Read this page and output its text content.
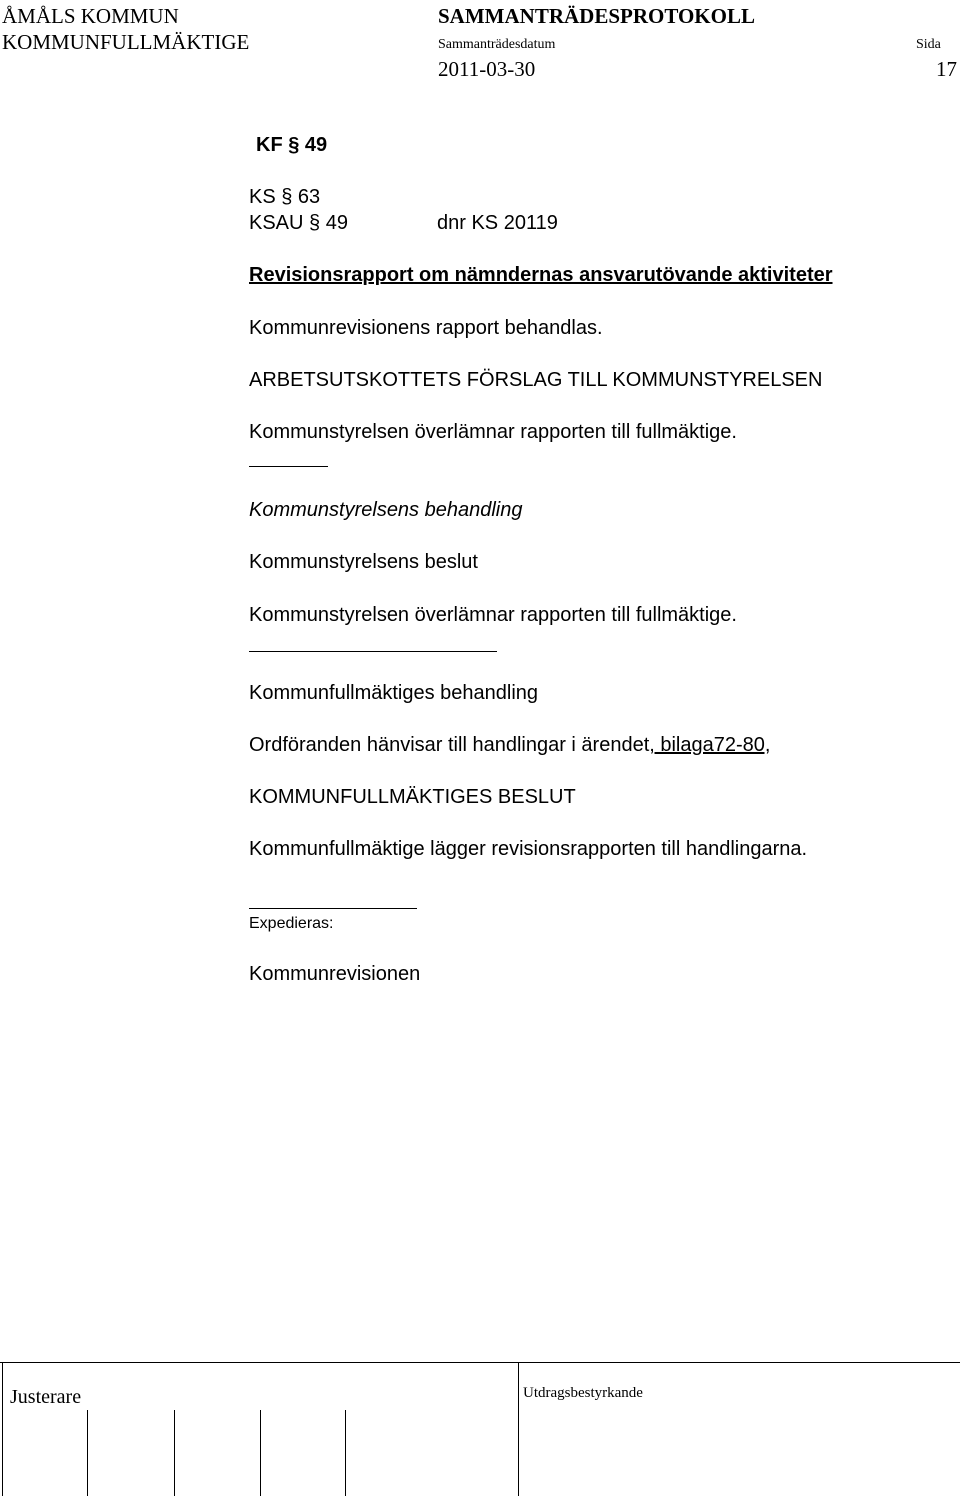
ÅMÅLS KOMMUN
KOMMUNFULLMÄKTIGE
SAMMANTRÄDESPROTOKOLL
Sammanträdesdatum
2011-03-30
Sida
17
KF § 49
KS § 63
KSAU § 49	dnr KS 20119
Revisionsrapport om nämndernas ansvarutövande aktiviteter
Kommunrevisionens rapport behandlas.
ARBETSUTSKOTTETS FÖRSLAG TILL KOMMUNSTYRELSEN
Kommunstyrelsen överlämnar rapporten till fullmäktige.
Kommunstyrelsens behandling
Kommunstyrelsens beslut
Kommunstyrelsen överlämnar rapporten till fullmäktige.
Kommunfullmäktiges behandling
Ordföranden hänvisar till handlingar i ärendet, bilaga72-80,
KOMMUNFULLMÄKTIGES BESLUT
Kommunfullmäktige lägger revisionsrapporten till handlingarna.
Expedieras:
Kommunrevisionen
Justerare	Utdragsbestyrkande
